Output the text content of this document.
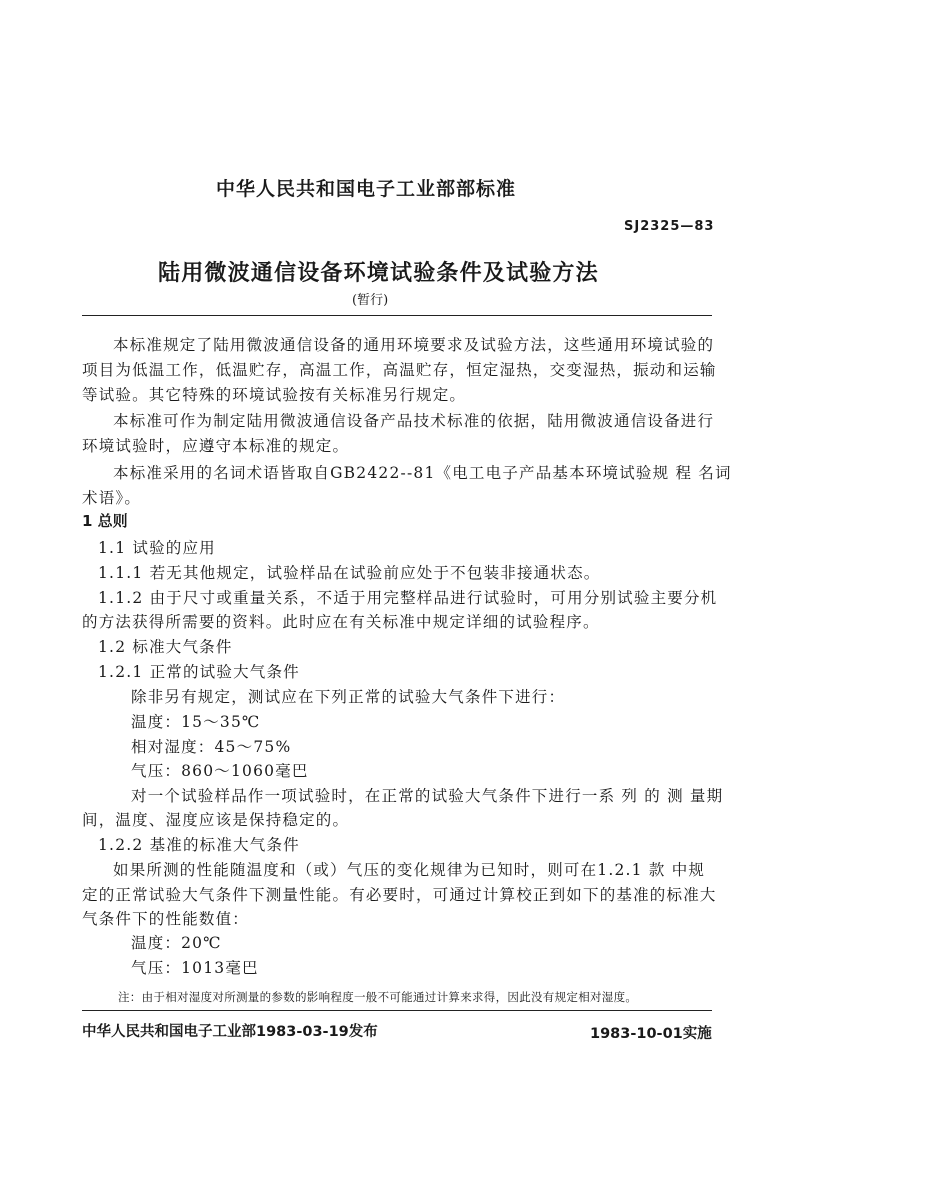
中华人民共和国电子工业部部标准
SJ2325—83
陆用微波通信设备环境试验条件及试验方法
(暂行)
本标准规定了陆用微波通信设备的通用环境要求及试验方法，这些通用环境试验的
项目为低温工作，低温贮存，高温工作，高温贮存，恒定湿热，交变湿热，振动和运输
等试验。其它特殊的环境试验按有关标准另行规定。
本标准可作为制定陆用微波通信设备产品技术标准的依据，陆用微波通信设备进行
环境试验时，应遵守本标准的规定。
本标准采用的名词术语皆取自GB2422--81《电工电子产品基本环境试验规 程 名词
术语》。
1 总则
1.1 试验的应用
1.1.1 若无其他规定，试验样品在试验前应处于不包装非接通状态。
1.1.2 由于尺寸或重量关系，不适于用完整样品进行试验时，可用分别试验主要分机
的方法获得所需要的资料。此时应在有关标准中规定详细的试验程序。
1.2 标准大气条件
1.2.1 正常的试验大气条件
除非另有规定，测试应在下列正常的试验大气条件下进行：
温度：15～35℃
相对湿度：45～75%
气压：860～1060毫巴
对一个试验样品作一项试验时，在正常的试验大气条件下进行一系 列 的 测 量期
间，温度、湿度应该是保持稳定的。
1.2.2 基准的标准大气条件
如果所测的性能随温度和（或）气压的变化规律为已知时，则可在1.2.1 款 中规
定的正常试验大气条件下测量性能。有必要时，可通过计算校正到如下的基准的标准大
气条件下的性能数值：
温度：20℃
气压：1013毫巴
注：由于相对湿度对所测量的参数的影响程度一般不可能通过计算来求得，因此没有规定相对湿度。
中华人民共和国电子工业部1983-03-19发布	1983-10-01实施
